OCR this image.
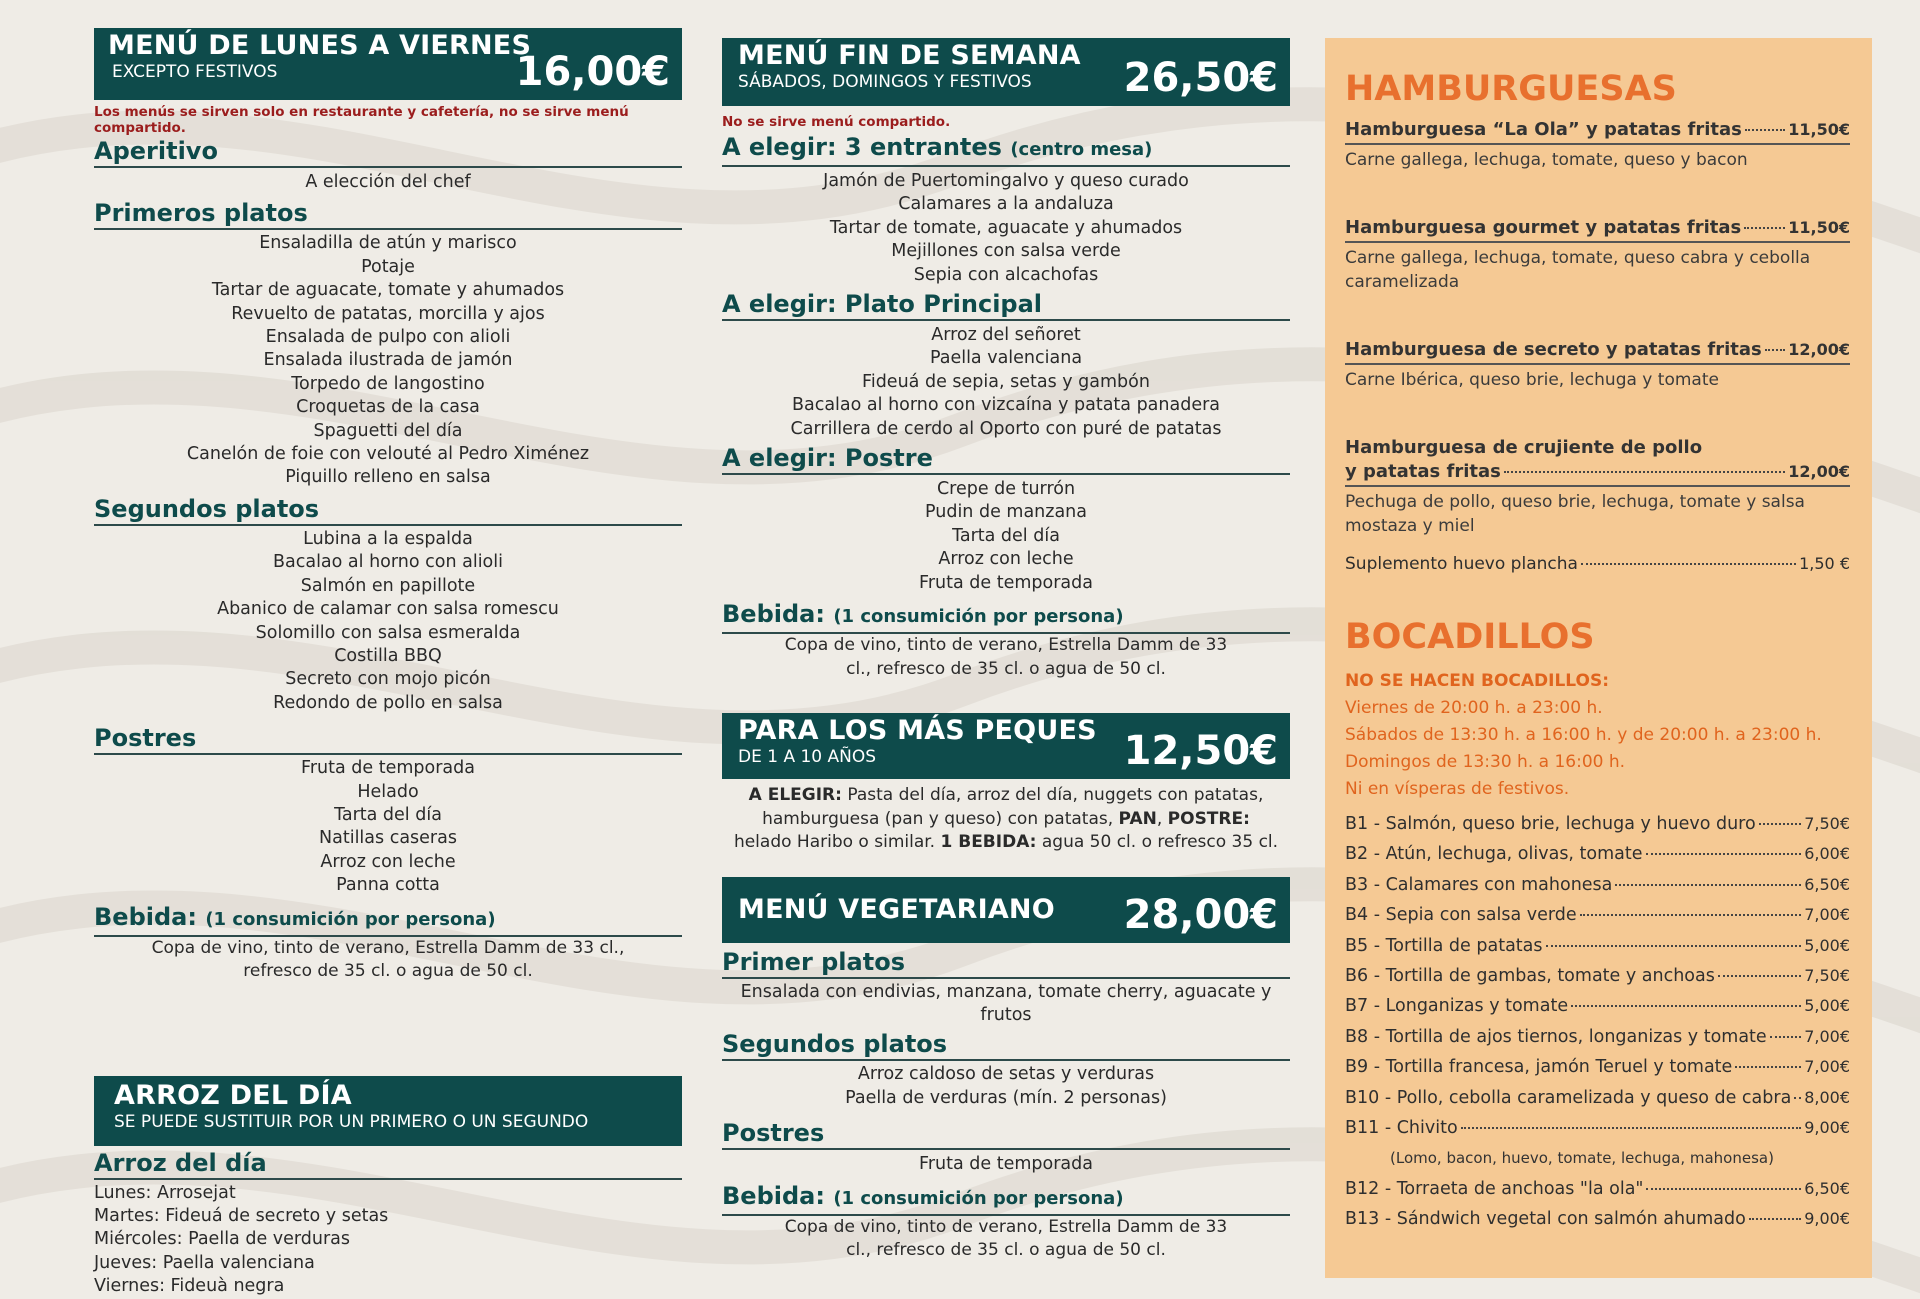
MENÚ DE LUNES A VIERNES
EXCEPTO FESTIVOS	16,00€
Los menús se sirven solo en restaurante y cafetería, no se sirve menú compartido.
Aperitivo
A elección del chef
Primeros platos
Ensaladilla de atún y marisco
Potaje
Tartar de aguacate, tomate y ahumados
Revuelto de patatas, morcilla y ajos
Ensalada de pulpo con alioli
Ensalada ilustrada de jamón
Torpedo de langostino
Croquetas de la casa
Spaguetti del día
Canelón de foie con velouté al Pedro Ximénez
Piquillo relleno en salsa
Segundos platos
Lubina a la espalda
Bacalao al horno con alioli
Salmón en papillote
Abanico de calamar con salsa romescu
Solomillo con salsa esmeralda
Costilla BBQ
Secreto con mojo picón
Redondo de pollo en salsa
Postres
Fruta de temporada
Helado
Tarta del día
Natillas caseras
Arroz con leche
Panna cotta
Bebida: (1 consumición por persona)
Copa de vino, tinto de verano, Estrella Damm de 33 cl., refresco de 35 cl. o agua de 50 cl.
ARROZ DEL DÍA
SE PUEDE SUSTITUIR POR UN PRIMERO O UN SEGUNDO
Arroz del día
Lunes: Arrosejat
Martes: Fideuá de secreto y setas
Miércoles: Paella de verduras
Jueves: Paella valenciana
Viernes: Fideuà negra
MENÚ FIN DE SEMANA
SÁBADOS, DOMINGOS Y FESTIVOS	26,50€
No se sirve menú compartido.
A elegir: 3 entrantes (centro mesa)
Jamón de Puertomingalvo y queso curado
Calamares a la andaluza
Tartar de tomate, aguacate y ahumados
Mejillones con salsa verde
Sepia con alcachofas
A elegir: Plato Principal
Arroz del señoret
Paella valenciana
Fideuá de sepia, setas y gambón
Bacalao al horno con vizcaína y patata panadera
Carrillera de cerdo al Oporto con puré de patatas
A elegir: Postre
Crepe de turrón
Pudin de manzana
Tarta del día
Arroz con leche
Fruta de temporada
Bebida: (1 consumición por persona)
Copa de vino, tinto de verano, Estrella Damm de 33 cl., refresco de 35 cl. o agua de 50 cl.
PARA LOS MÁS PEQUES
DE 1 A 10 AÑOS	12,50€
A ELEGIR: Pasta del día, arroz del día, nuggets con patatas, hamburguesa (pan y queso) con patatas, PAN, POSTRE: helado Haribo o similar. 1 BEBIDA: agua 50 cl. o refresco 35 cl.
MENÚ VEGETARIANO	28,00€
Primer platos
Ensalada con endivias, manzana, tomate cherry, aguacate y frutos
Segundos platos
Arroz caldoso de setas y verduras
Paella de verduras (mín. 2 personas)
Postres
Fruta de temporada
Bebida: (1 consumición por persona)
Copa de vino, tinto de verano, Estrella Damm de 33 cl., refresco de 35 cl. o agua de 50 cl.
HAMBURGUESAS
Hamburguesa “La Ola” y patatas fritas	11,50€
Carne gallega, lechuga, tomate, queso y bacon
Hamburguesa gourmet y patatas fritas	11,50€
Carne gallega, lechuga, tomate, queso cabra y cebolla caramelizada
Hamburguesa de secreto y patatas fritas 12,00€
Carne Ibérica, queso brie, lechuga y tomate
Hamburguesa de crujiente de pollo
y patatas fritas	12,00€
Pechuga de pollo, queso brie, lechuga, tomate y salsa mostaza y miel
Suplemento huevo plancha	1,50 €
BOCADILLOS
NO SE HACEN BOCADILLOS:
Viernes de 20:00 h. a 23:00 h.
Sábados de 13:30 h. a 16:00 h. y de 20:00 h. a 23:00 h.
Domingos de 13:30 h. a 16:00 h.
Ni en vísperas de festivos.
B1 - Salmón, queso brie, lechuga y huevo duro	7,50€
B2 - Atún, lechuga, olivas, tomate	6,00€
B3 - Calamares con mahonesa	6,50€
B4 - Sepia con salsa verde	7,00€
B5 - Tortilla de patatas	5,00€
B6 - Tortilla de gambas, tomate y anchoas	7,50€
B7 - Longanizas y tomate	5,00€
B8 - Tortilla de ajos tiernos, longanizas y tomate 7,00€
B9 - Tortilla francesa, jamón Teruel y tomate	7,00€
B10 - Pollo, cebolla caramelizada y queso de cabra 8,00€
B11 - Chivito	9,00€
(Lomo, bacon, huevo, tomate, lechuga, mahonesa)
B12 - Torraeta de anchoas "la ola"	6,50€
B13 - Sándwich vegetal con salmón ahumado	9,00€
